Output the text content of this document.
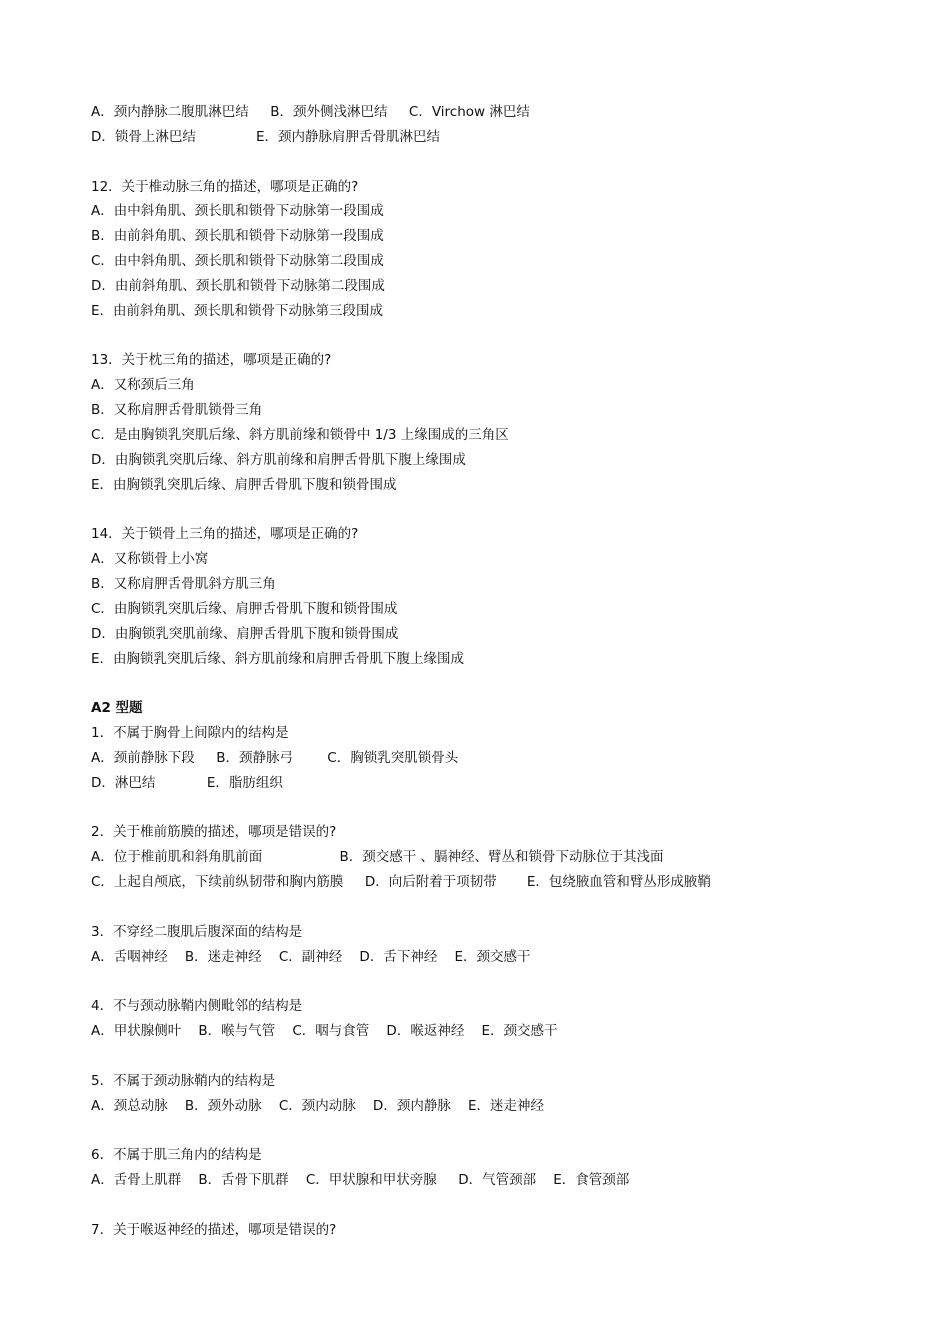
A．颈内静脉二腹肌淋巴结     B．颈外侧浅淋巴结     C．Virchow 淋巴结
D．锁骨上淋巴结              E．颈内静脉肩胛舌骨肌淋巴结
12．关于椎动脉三角的描述，哪项是正确的?
A．由中斜角肌、颈长肌和锁骨下动脉第一段围成
B．由前斜角肌、颈长肌和锁骨下动脉第一段围成
C．由中斜角肌、颈长肌和锁骨下动脉第二段围成
D．由前斜角肌、颈长肌和锁骨下动脉第二段围成
E．由前斜角肌、颈长肌和锁骨下动脉第三段围成
13．关于枕三角的描述，哪项是正确的?
A．又称颈后三角
B．又称肩胛舌骨肌锁骨三角
C．是由胸锁乳突肌后缘、斜方肌前缘和锁骨中 1/3 上缘围成的三角区
D．由胸锁乳突肌后缘、斜方肌前缘和肩胛舌骨肌下腹上缘围成
E．由胸锁乳突肌后缘、肩胛舌骨肌下腹和锁骨围成
14．关于锁骨上三角的描述，哪项是正确的?
A．又称锁骨上小窝
B．又称肩胛舌骨肌斜方肌三角
C．由胸锁乳突肌后缘、肩胛舌骨肌下腹和锁骨围成
D．由胸锁乳突肌前缘、肩胛舌骨肌下腹和锁骨围成
E．由胸锁乳突肌后缘、斜方肌前缘和肩胛舌骨肌下腹上缘围成
A2 型题
1．不属于胸骨上间隙内的结构是
A．颈前静脉下段     B．颈静脉弓        C．胸锁乳突肌锁骨头
D．淋巴结            E．脂肪组织
2．关于椎前筋膜的描述，哪项是错误的?
A．位于椎前肌和斜角肌前面                  B．颈交感干 、膈神经、臂丛和锁骨下动脉位于其浅面
C．上起自颅底，下续前纵韧带和胸内筋膜     D．向后附着于项韧带       E．包绕腋血管和臂丛形成腋鞘
3．不穿经二腹肌后腹深面的结构是
A．舌咽神经    B．迷走神经    C．副神经    D．舌下神经    E．颈交感干
4．不与颈动脉鞘内侧毗邻的结构是
A．甲状腺侧叶    B．喉与气管    C．咽与食管    D．喉返神经    E．颈交感干
5．不属于颈动脉鞘内的结构是
A．颈总动脉    B．颈外动脉    C．颈内动脉    D．颈内静脉    E．迷走神经
6．不属于肌三角内的结构是
A．舌骨上肌群    B．舌骨下肌群    C．甲状腺和甲状旁腺     D．气管颈部    E．食管颈部
7．关于喉返神经的描述，哪项是错误的?
